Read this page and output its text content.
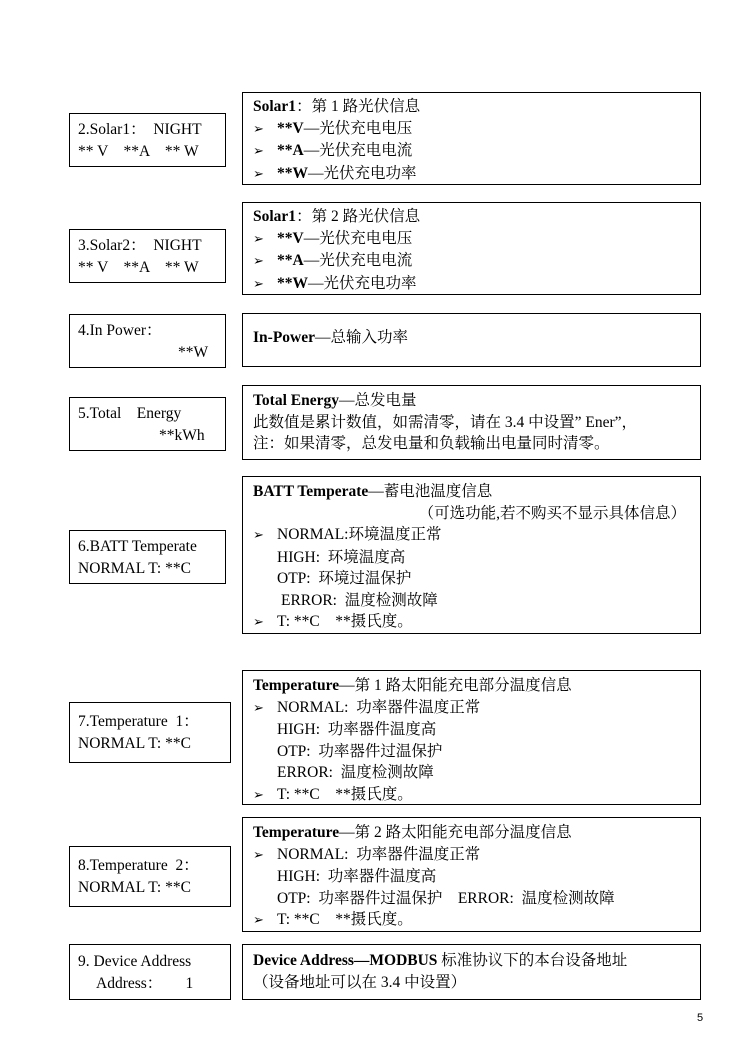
2.Solar1：  NIGHT
** V    **A    ** W
Solar1：第 1 路光伏信息
➢ **V—光伏充电电压
➢ **A—光伏充电电流
➢ **W—光伏充电功率
3.Solar2：  NIGHT
** V    **A    ** W
Solar1：第 2 路光伏信息
➢ **V—光伏充电电压
➢ **A—光伏充电电流
➢ **W—光伏充电功率
4.In Power：
**W
In-Power—总输入功率
5.Total    Energy
**kWh
Total Energy—总发电量
此数值是累计数值，如需清零，请在 3.4 中设置” Ener”，
注：如果清零，总发电量和负载输出电量同时清零。
6.BATT Temperate
NORMAL T: **C
BATT Temperate—蓄电池温度信息
（可选功能,若不购买不显示具体信息）
➢ NORMAL:环境温度正常
HIGH:  环境温度高
OTP:  环境过温保护
ERROR:  温度检测故障
➢ T: **C    **摄氏度。
7.Temperature  1：
NORMAL T: **C
Temperature—第 1 路太阳能充电部分温度信息
➢ NORMAL:  功率器件温度正常
HIGH:  功率器件温度高
OTP:  功率器件过温保护
ERROR:  温度检测故障
➢ T: **C    **摄氏度。
8.Temperature  2：
NORMAL T: **C
Temperature—第 2 路太阳能充电部分温度信息
➢ NORMAL:  功率器件温度正常
HIGH:  功率器件温度高
OTP:  功率器件过温保护    ERROR:  温度检测故障
➢ T: **C    **摄氏度。
9. Device Address
Address：      1
Device Address—MODBUS 标准协议下的本台设备地址
（设备地址可以在 3.4 中设置）
5
